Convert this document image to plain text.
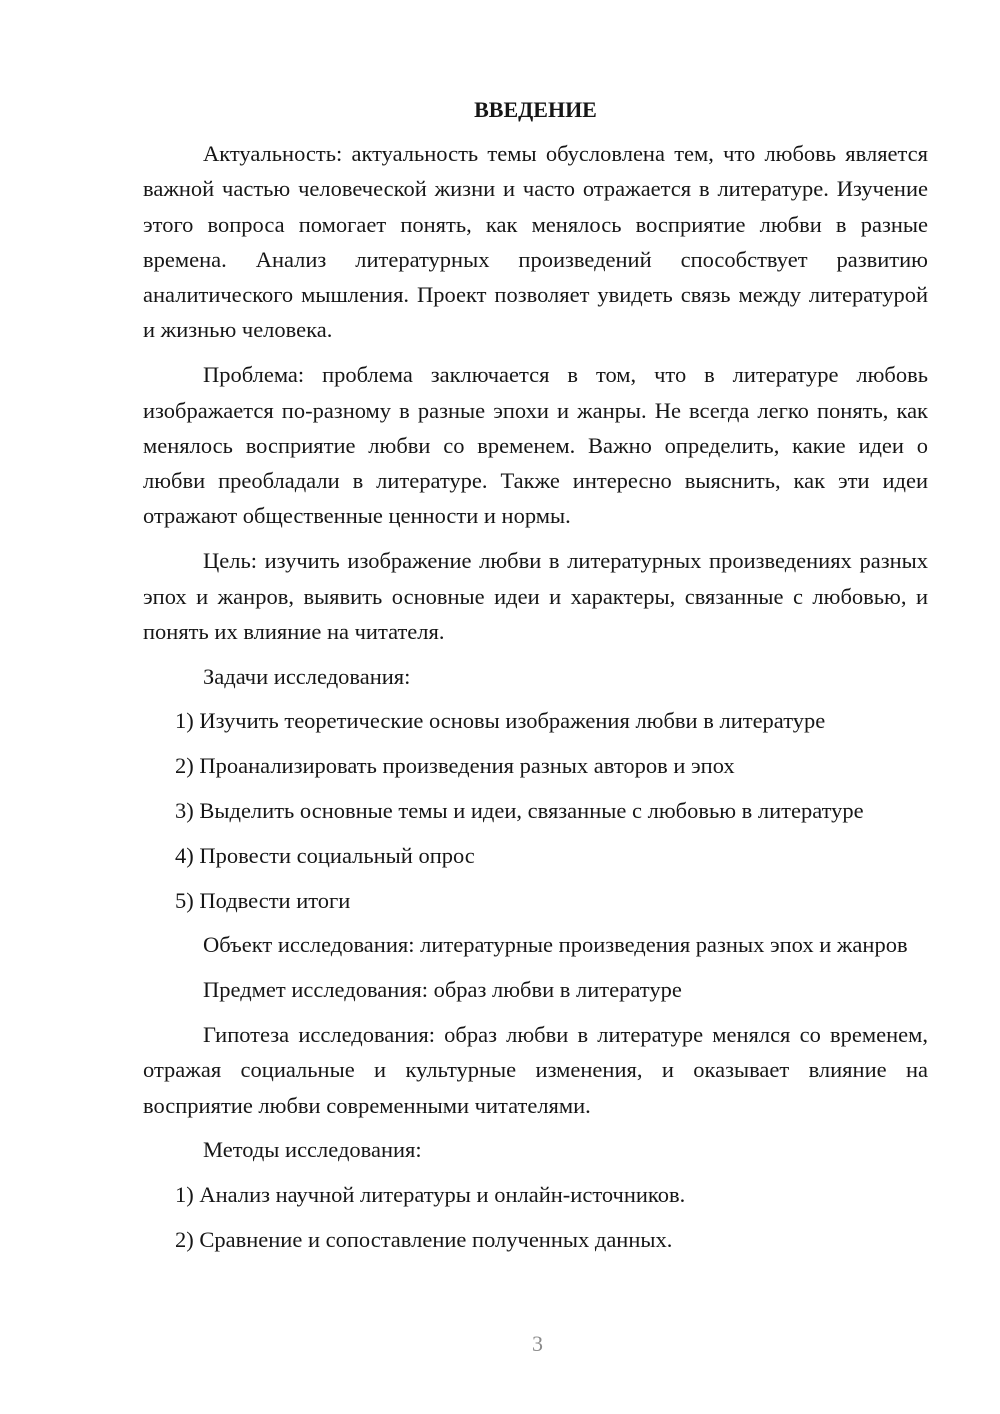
ВВЕДЕНИЕ

Актуальность: актуальность темы обусловлена тем, что любовь является важной частью человеческой жизни и часто отражается в литературе. Изучение этого вопроса помогает понять, как менялось восприятие любви в разные времена. Анализ литературных произведений способствует развитию аналитического мышления. Проект позволяет увидеть связь между литературой и жизнью человека.

Проблема: проблема заключается в том, что в литературе любовь изображается по-разному в разные эпохи и жанры. Не всегда легко понять, как менялось восприятие любви со временем. Важно определить, какие идеи о любви преобладали в литературе. Также интересно выяснить, как эти идеи отражают общественные ценности и нормы.

Цель: изучить изображение любви в литературных произведениях разных эпох и жанров, выявить основные идеи и характеры, связанные с любовью, и понять их влияние на читателя.

Задачи исследования:

1) Изучить теоретические основы изображения любви в литературе

2) Проанализировать произведения разных авторов и эпох

3) Выделить основные темы и идеи, связанные с любовью в литературе

4) Провести социальный опрос

5) Подвести итоги

Объект исследования: литературные произведения разных эпох и жанров

Предмет исследования: образ любви в литературе

Гипотеза исследования: образ любви в литературе менялся со временем, отражая социальные и культурные изменения, и оказывает влияние на восприятие любви современными читателями.

Методы исследования:

1) Анализ научной литературы и онлайн-источников.

2) Сравнение и сопоставление полученных данных.

3
